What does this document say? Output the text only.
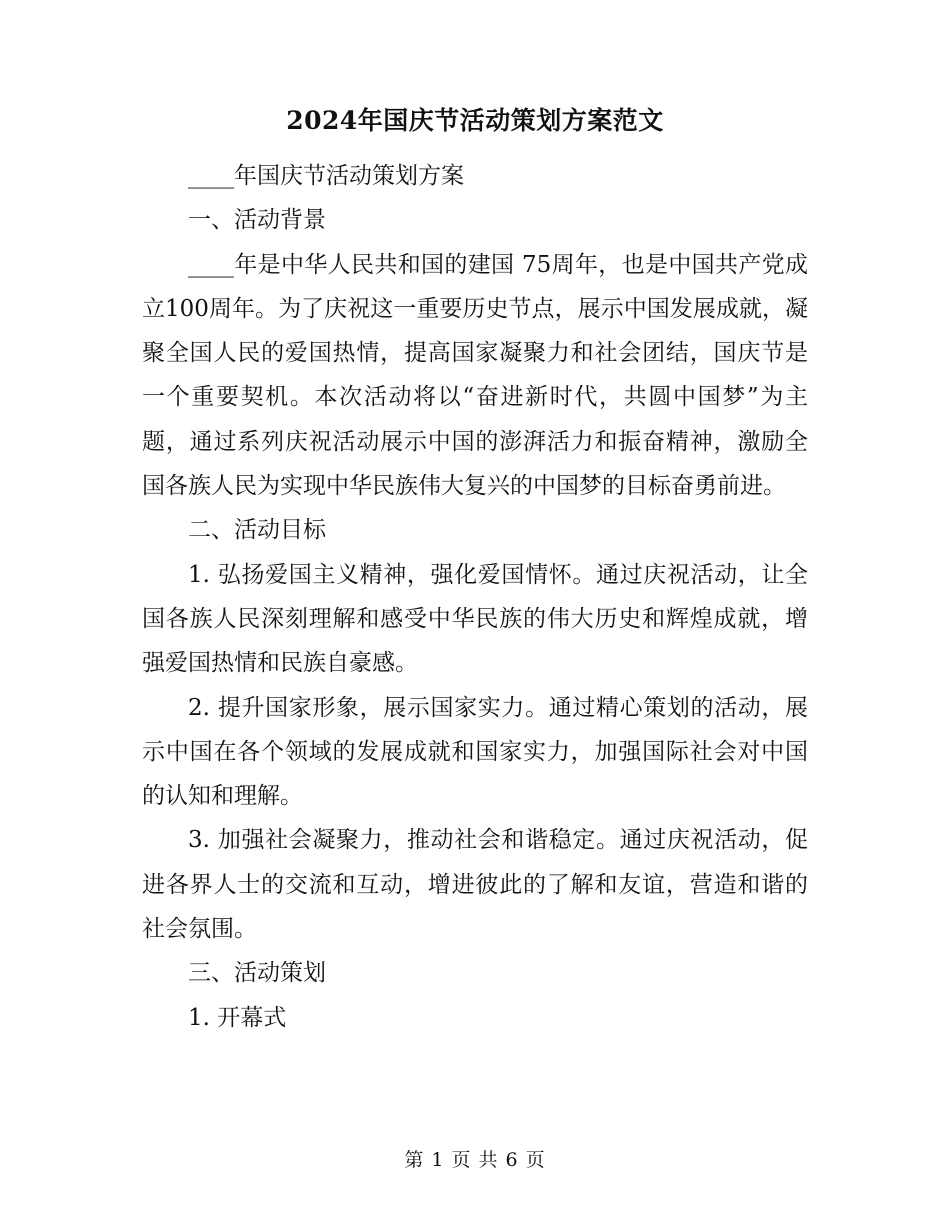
2024年国庆节活动策划方案范文

____年国庆节活动策划方案

一、活动背景

____年是中华人民共和国的建国 75周年，也是中国共产党成立100周年。为了庆祝这一重要历史节点，展示中国发展成就，凝聚全国人民的爱国热情，提高国家凝聚力和社会团结，国庆节是一个重要契机。本次活动将以“奋进新时代，共圆中国梦”为主题，通过系列庆祝活动展示中国的澎湃活力和振奋精神，激励全国各族人民为实现中华民族伟大复兴的中国梦的目标奋勇前进。

二、活动目标

1. 弘扬爱国主义精神，强化爱国情怀。通过庆祝活动，让全国各族人民深刻理解和感受中华民族的伟大历史和辉煌成就，增强爱国热情和民族自豪感。

2. 提升国家形象，展示国家实力。通过精心策划的活动，展示中国在各个领域的发展成就和国家实力，加强国际社会对中国的认知和理解。

3. 加强社会凝聚力，推动社会和谐稳定。通过庆祝活动，促进各界人士的交流和互动，增进彼此的了解和友谊，营造和谐的社会氛围。

三、活动策划

1. 开幕式

第 1 页 共 6 页
